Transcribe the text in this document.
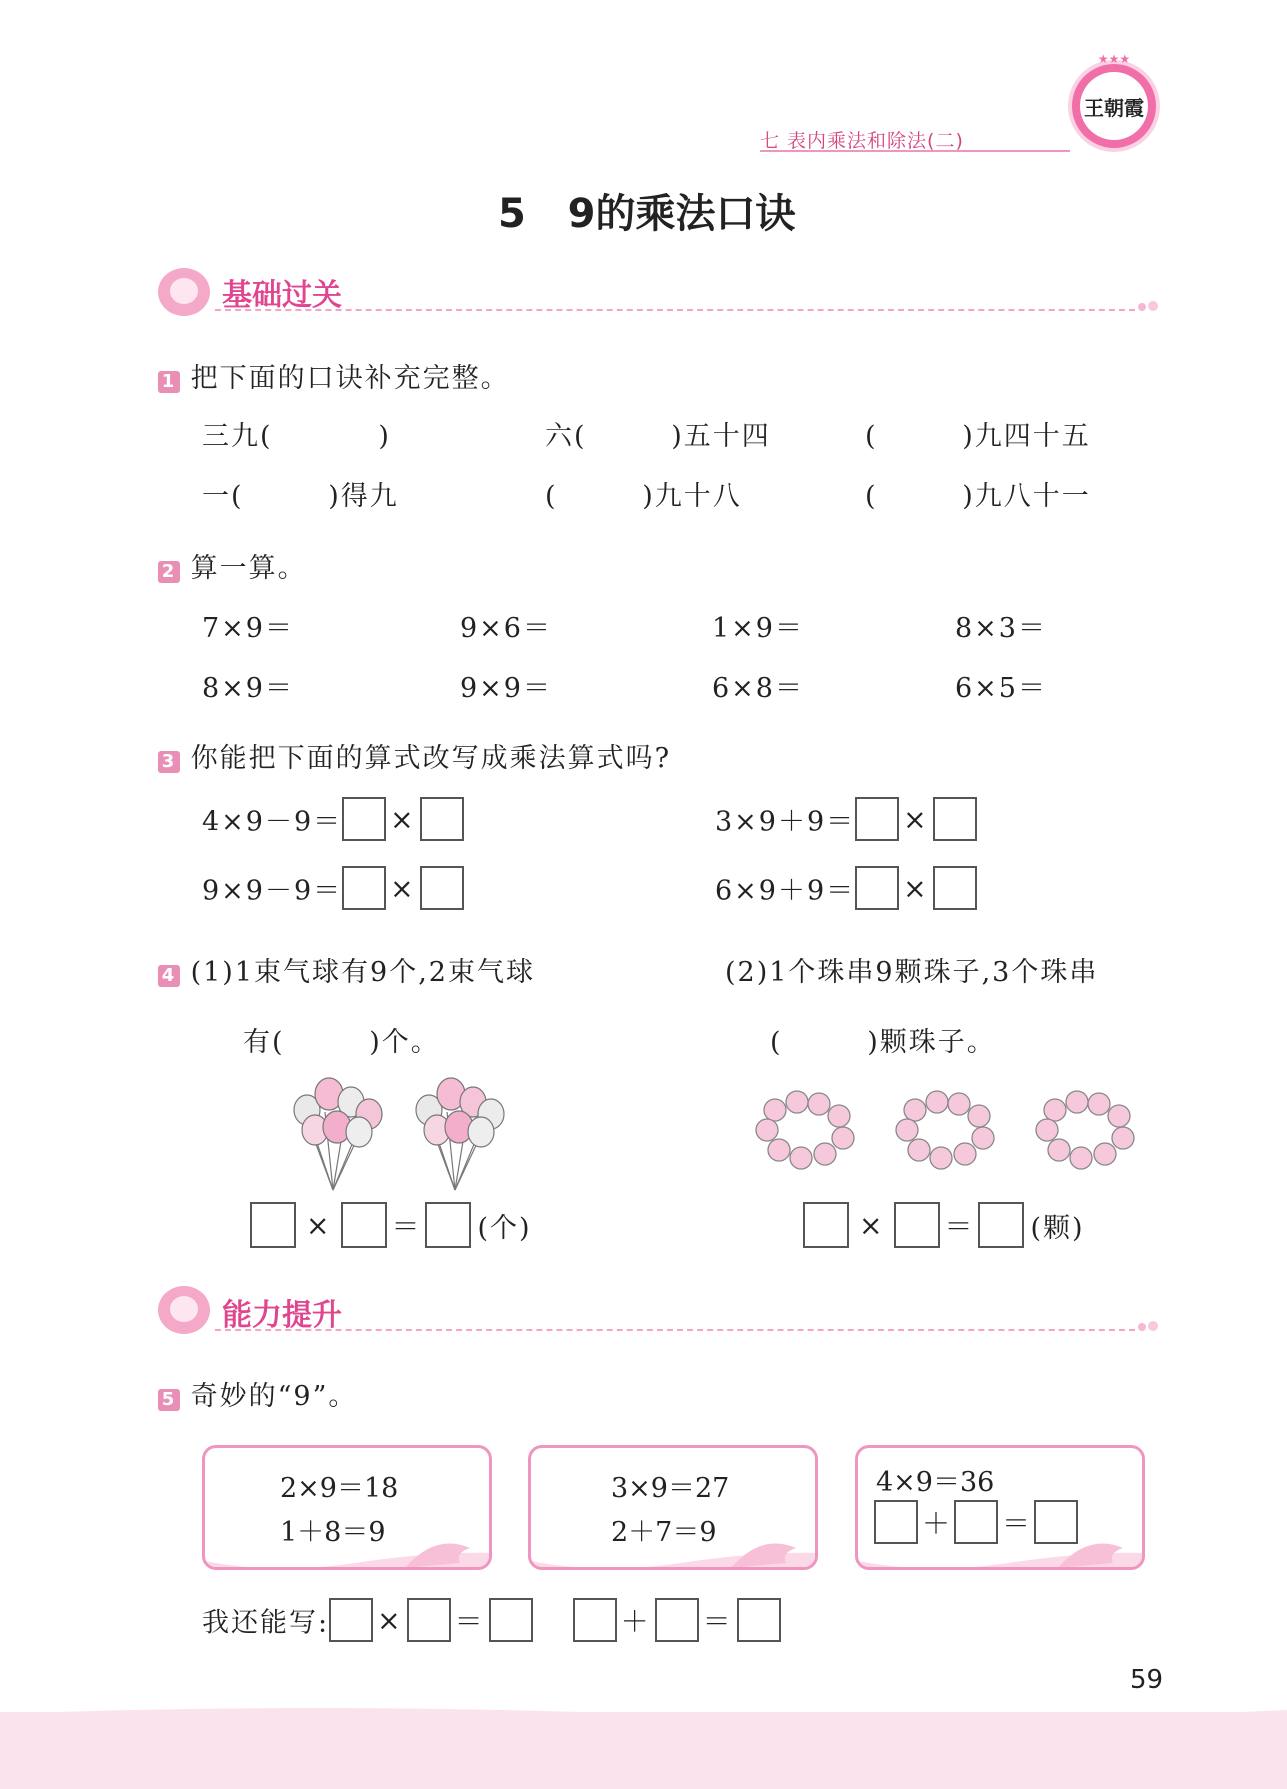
七 表内乘法和除法(二)
王朝霞
★★★
5   9的乘法口诀
基础过关
1 把下面的口诀补充完整。
三九(          )	六(        )五十四	(        )九四十五
一(        )得九	(        )九十八	(        )九八十一
2 算一算。
7×9＝	9×6＝	1×9＝	8×3＝
8×9＝	9×9＝	6×8＝	6×5＝
3 你能把下面的算式改写成乘法算式吗?
4×9－9＝ ×	3×9＋9＝ ×
9×9－9＝ ×	6×9＋9＝ ×
4 (1)1束气球有9个,2束气球	(2)1个珠串9颗珠子,3个珠串
有(        )个。	(        )颗珠子。
× ＝ (个)	× ＝ (颗)
能力提升
5 奇妙的“9”。
2×9＝18
1＋8＝9
3×9＝27
2＋7＝9
4×9＝36
＋ ＝
我还能写: × ＝	＋ ＝
59
